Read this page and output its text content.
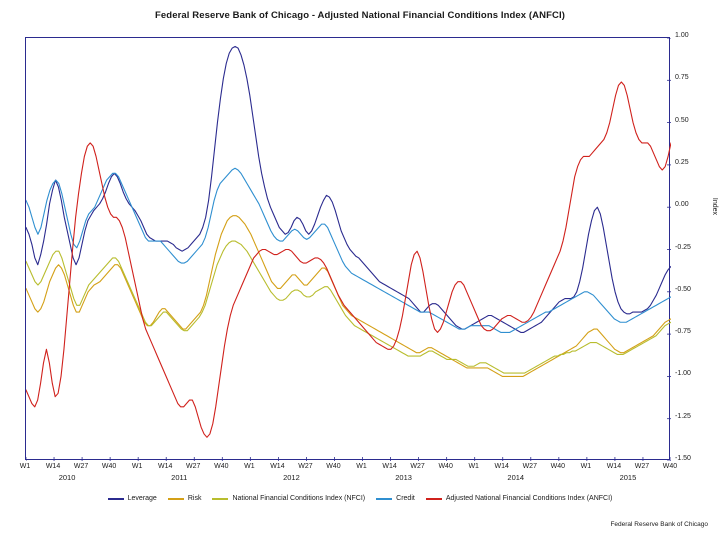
Federal Reserve Bank of Chicago - Adjusted National Financial Conditions Index (ANFCI)
Index
Leverage	Risk	National Financial Conditions Index (NFCI)	Credit	Adjusted National Financial Conditions Index (ANFCI)
Federal Reserve Bank of Chicago
1.00
0.75
0.50
0.25
0.00
-0.25
-0.50
-0.75
-1.00
-1.25
-1.50
W1	W14	W27	W40	W1	W14	W27	W40	W1	W14	W27	W40	W1	W14	W27	W40	W1	W14	W27	W40	W1	W14	W27	W40
2010	2011	2012	2013	2014	2015
